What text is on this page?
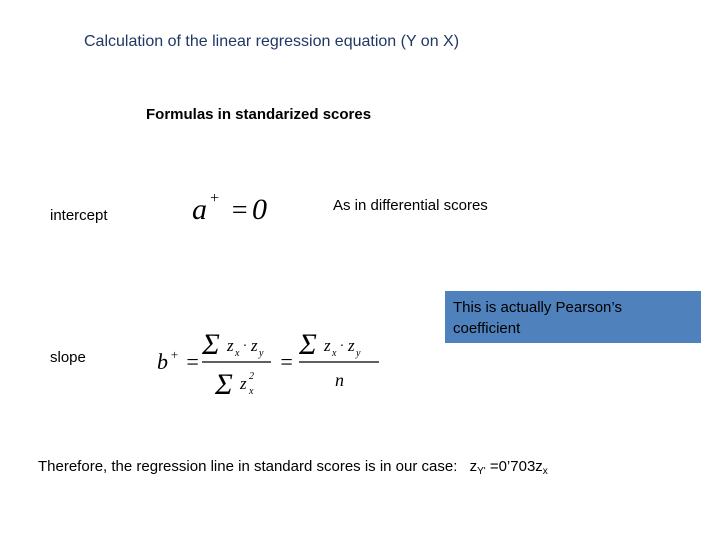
Calculation of the linear regression equation (Y on X)
Formulas in standarized scores
intercept	a + = 0	As in differential scores
This is actually Pearson’s coefficient
slope	b + =
Σ z x · z y
Σ z 2
x
=
Σ z x · z y
n
Therefore, the regression line in standard scores is in our case: $z_{Y'}$ $=0’703z_x$
